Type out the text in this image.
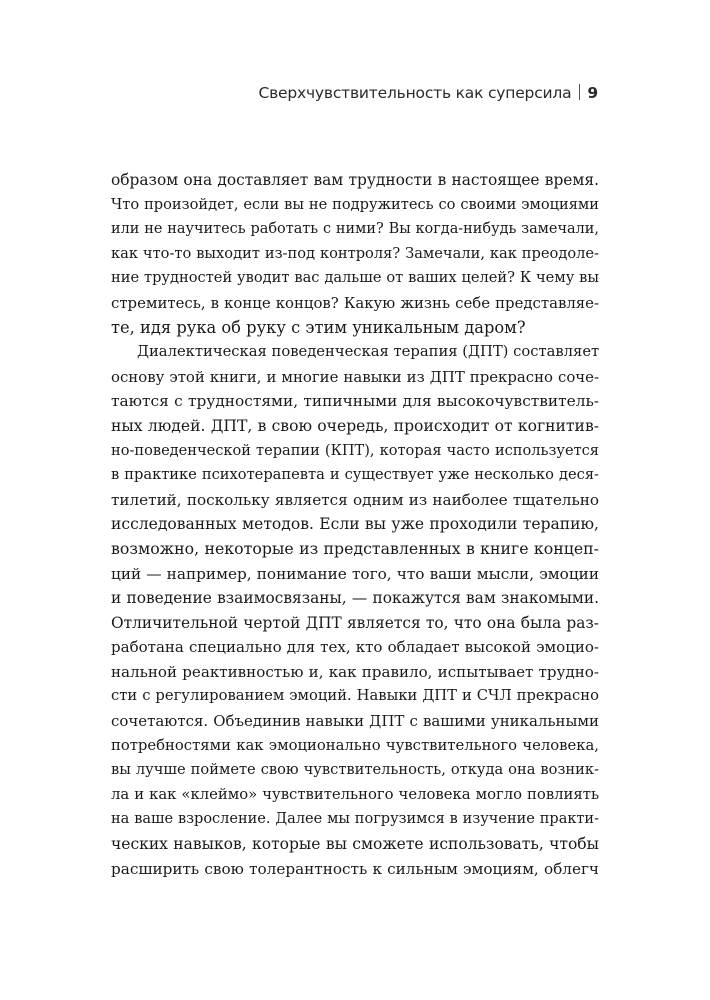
Сверхчувствительность как суперсила 9
образом она доставляет вам трудности в настоящее время.
Что произойдет, если вы не подружитесь со своими эмоциями
или не научитесь работать с ними? Вы когда-нибудь замечали,
как что-то выходит из-под контроля? Замечали, как преодоле-
ние трудностей уводит вас дальше от ваших целей? К чему вы
стремитесь, в конце концов? Какую жизнь себе представляе-
те, идя рука об руку с этим уникальным даром?
Диалектическая поведенческая терапия (ДПТ) составляет
основу этой книги, и многие навыки из ДПТ прекрасно соче-
таются с трудностями, типичными для высокочувствитель-
ных людей. ДПТ, в свою очередь, происходит от когнитив-
но-поведенческой терапии (КПТ), которая часто используется
в практике психотерапевта и существует уже несколько деся-
тилетий, поскольку является одним из наиболее тщательно
исследованных методов. Если вы уже проходили терапию,
возможно, некоторые из представленных в книге концеп-
ций — например, понимание того, что ваши мысли, эмоции
и поведение взаимосвязаны, — покажутся вам знакомыми.
Отличительной чертой ДПТ является то, что она была раз-
работана специально для тех, кто обладает высокой эмоцио-
нальной реактивностью и, как правило, испытывает трудно-
сти с регулированием эмоций. Навыки ДПТ и СЧЛ прекрасно
сочетаются. Объединив навыки ДПТ с вашими уникальными
потребностями как эмоционально чувствительного человека,
вы лучше поймете свою чувствительность, откуда она возник-
ла и как «клеймо» чувствительного человека могло повлиять
на ваше взросление. Далее мы погрузимся в изучение практи-
ческих навыков, которые вы сможете использовать, чтобы
расширить свою толерантность к сильным эмоциям, облегч
